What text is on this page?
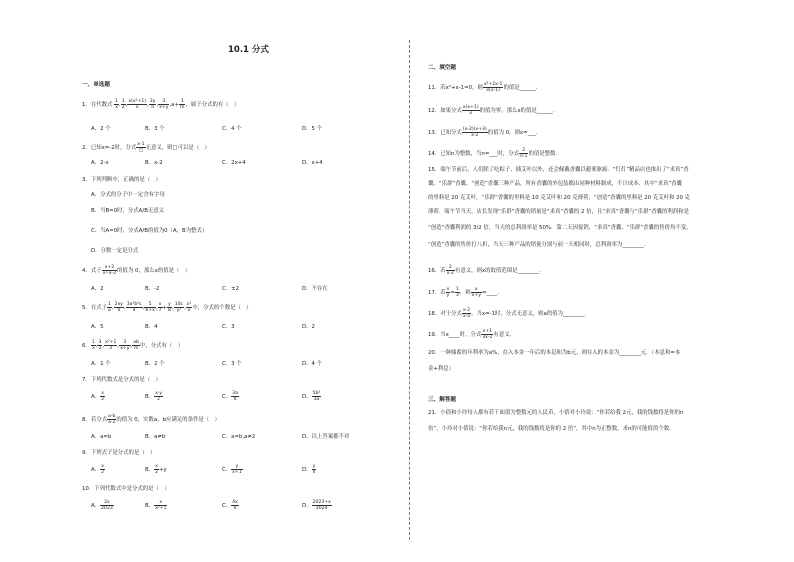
10.1 分式
一、单选题
1．在代数式 $\frac{1}{x}$ , $\frac{1}{2}$ , $\frac{\text{x(x²+1)}}{x}$ , $\frac{3y}{\pi}$ , $\frac{3}{x+y} ,a+ \frac{1}{m}$ ，属于分式的有（　）
A．2 个	B．3 个	C．4 个	D．5 个
2．已知x=-2时，分式 $\frac{x-1}{□}$ 无意义，则□可以是（　）
A．2-x	B．x-2	C．2x+4	D．x+4
3．下列判断中，正确的是（　）
A．分式的分子中一定含有字母
B．当B=0时，分式A/B无意义
C．当A=0时，分式A/B的值为0（A，B为整式）
D．分数一定是分式
4．式子 $\frac{x+2}{\text{x²-x-2}}$ 的值为 0，那么x的值是（　）
A．2	B．-2	C．±2	D．不存在
5．在式子 $\frac{1}{a}$ , $\frac{2xy}{\pi}$ , $\frac{\text{3a²b³c}}{4}$ , $\frac{5}{6+x}$ , $\frac{x}{7} + \frac{y}{8}$ , $\frac{10c}{\text{y²}}$ , $\frac{\text{x²}}{x}$ 中，分式的个数是（　）
A．5	B．4	C．3	D．2
6． $\frac{1}{x}$ , $\frac{3}{2}$ , $\frac{\text{x²+1}}{2}$ , $\frac{3}{x+y}$ , $\frac{ab}{m}$ 中，分式有（　）
A．1 个	B．2 个	C．3 个	D．4 个
7．下列代数式是分式的是（　）
A． $\frac{x}{2}$	B． $\frac{x-y}{2}$	C． $\frac{3a}{\pi}$	D． $\frac{\text{5b²}}{3a}$
8．若分式 $\frac{a-b}{a-2}$ 的值为 0，实数a、b应满足的条件是（　）
A．a=b	B．a≠b	C．a=b,a≠2	D．以上答案都不对
9．下列式子是分式的是（　）
A． $\frac{x}{2}$	B． $\frac{x}{2} +y$	C． $\frac{y}{x+1}$	D． $\frac{y}{\pi}$
10．下列代数式中是分式的是（　）
A． $\frac{2x}{2023}$	B． $\frac{x}{\text{x²+1}}$	C． $\frac{4x}{\pi}$	D． $\frac{2023+x}{2024}$
二、填空题
11．若x²+x-1=0，则 $\frac{\text{x²+2x-1}}{x(x-1)}$ 的值是______.
12．如果分式 $\frac{x(x+1)}{x}$ 的值为零，那么x的值是______.
13．已知分式 $\frac{(x-2)(x+3)}{x-2}$ 的值为 0，则x=___.
14．已知n为整数，当n=___时，分式 $\frac{2}{n-1}$ 的值是整数.
15．端午节前后，人们除了吃粽子、插艾叶以外，还会佩戴香囊以避邪驱瘟．“钉灯”精品店也推出了“求真”香
囊、“乐群”香囊、“创造”香囊三种产品，所有香囊的外包装都由同种材料制成，不计成本．其中“求真”香囊
的里料是 20 克艾叶，“乐群”香囊的里料是 10 克艾叶和 20 克薄荷，“创造”香囊的里料是 20 克艾叶和 20 克
薄荷．端午节当天，店长发现“乐群”香囊的销量是“求真”香囊的 2 倍，且“求真”香囊与“乐群”香囊的利润和是
“创造”香囊利润的 3/2 倍，当天的总利润率是 50%．第二天因促销，“求真”香囊、“乐群”香囊的售价均不变，
“创造”香囊的售价打八折，当天三种产品的销量分别与前一天相同时，总利润率为________.
16．若 $\frac{2}{x-2}$ 有意义，则x的取值范围是________.
17．若 $\frac{x}{y} = \frac{1}{3}$ ，则 $\frac{x}{x+y}$ =____.
18．对于分式 $\frac{x-2}{x-a}$ ，当x=-1时，分式无意义，则a的值为________.
19．当x____时，分式 $\frac{x+1}{3x-2}$ 有意义.
20．一种储蓄的年利率为a%，存入本金一年后的本息和为b元，则存入的本金为________元．（本息和=本
金+利息）
三、解答题
21．小倩和小玲每人都有若干面值为整数元的人民币，小倩对小玲说：“你若给我 2元，我的钱数将是你的n
倍”，小玲对小倩说：“你若给我n元，我的钱数将是你的 2 倍”，其中n为正整数，求n的可能值的个数．
